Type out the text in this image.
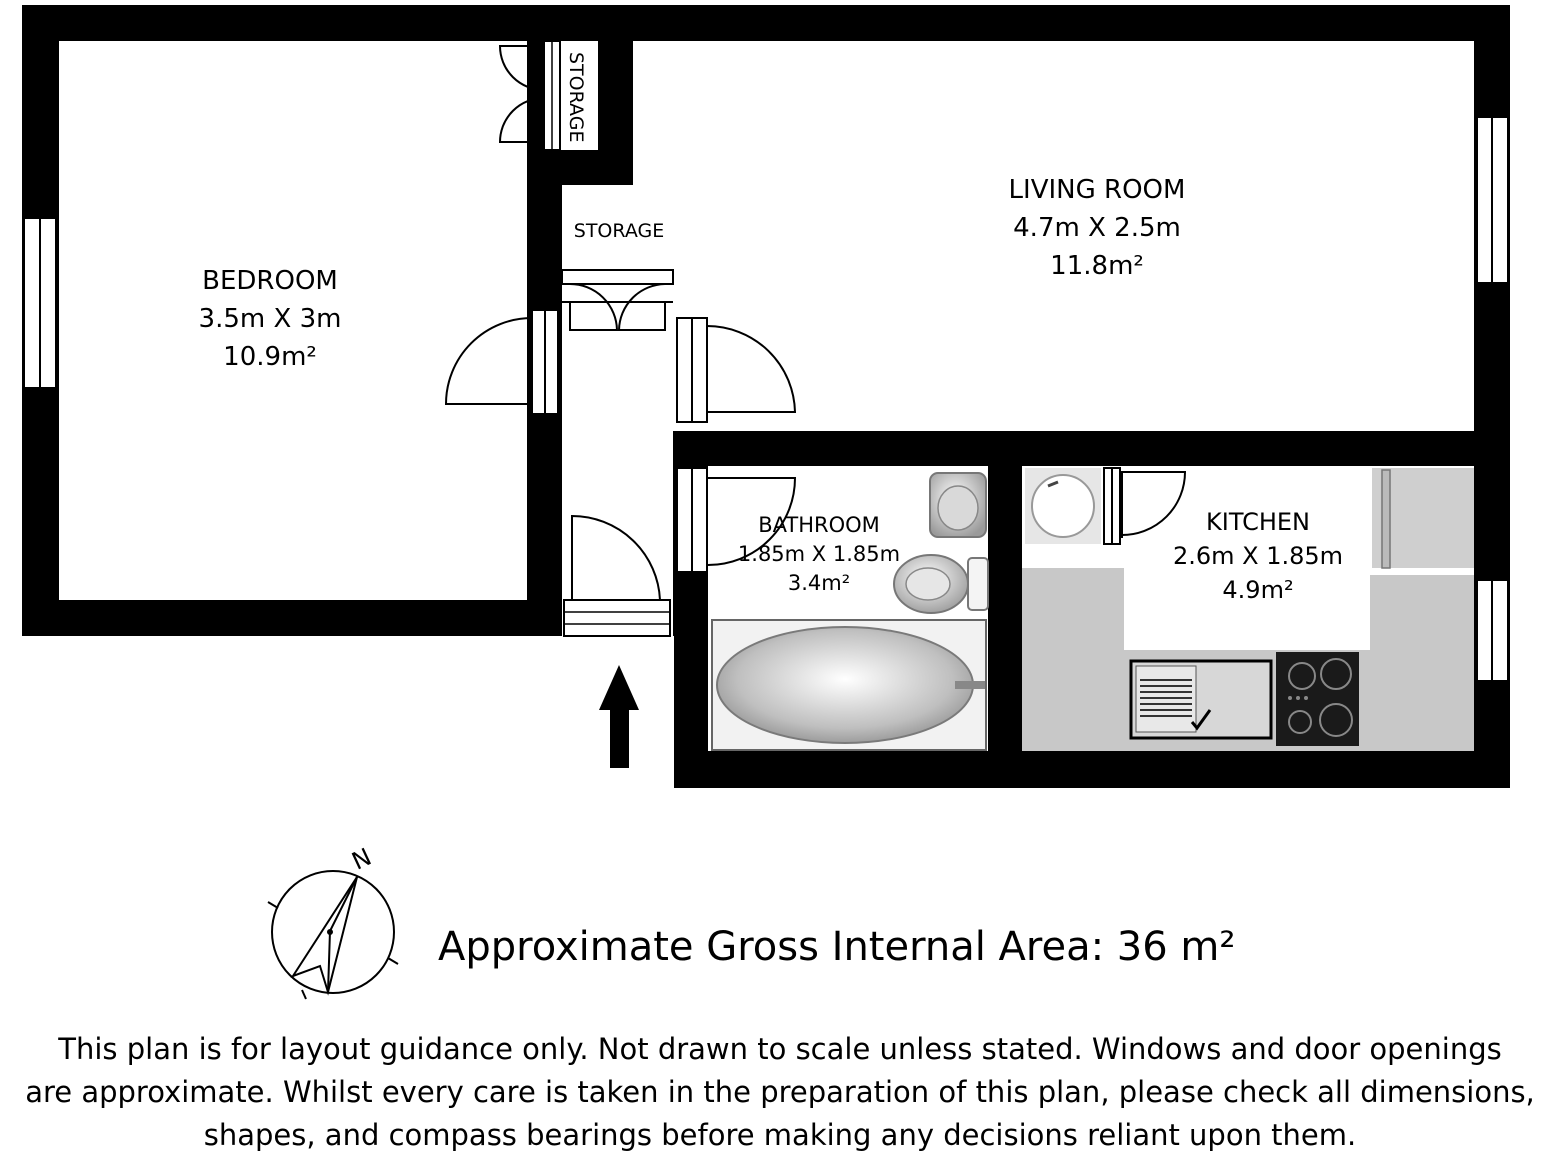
BEDROOM
3.5m X 3m
10.9m²
LIVING ROOM
4.7m X 2.5m
11.8m²
BATHROOM
1.85m X 1.85m
3.4m²
KITCHEN
2.6m X 1.85m
4.9m²
STORAGE
STORAGE
N
Approximate Gross Internal Area: 36 m²
This plan is for layout guidance only. Not drawn to scale unless stated. Windows and door openings
are approximate. Whilst every care is taken in the preparation of this plan, please check all dimensions,
shapes, and compass bearings before making any decisions reliant upon them.
